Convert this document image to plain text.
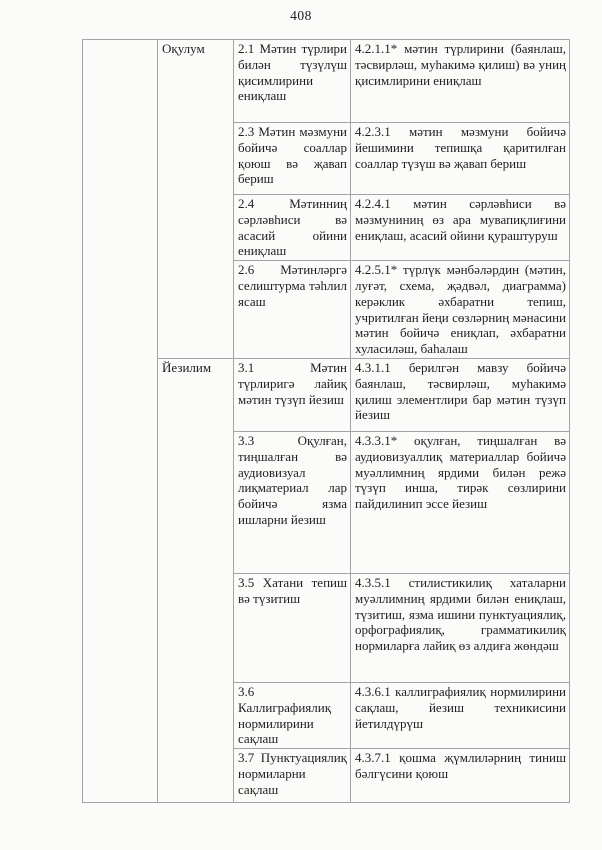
408
	Оқулум	2.1 Мәтин түрлири билән түзүлүш қисимлирини ениқлаш	4.2.1.1* мәтин түрлирини (баянлаш, тәсвирләш, муһакимә қилиш) вә униң қисимлирини ениқлаш
		2.3 Мәтин мәзмуни бойичә соаллар қоюш вә җавап бериш	4.2.3.1 мәтин мәзмуни бойичә йешимини тепишқа қаритилған соаллар түзүш вә җавап бериш
		2.4 Мәтинниң сәрләвһиси вә асасий ойини ениқлаш	4.2.4.1 мәтин сәрләвһиси вә мәзмуниниң өз ара мувапиқлиғини ениқлаш, асасий ойини қураштуруш
		2.6 Мәтинләргә селиштурма тәһлил ясаш	4.2.5.1* түрлүк мәнбәләрдин (мәтин, луғәт, схема, җәдвәл, диаграмма) керәклик әхбаратни тепиш, учритилған йеңи сөзләрниң мәнасини мәтин бойичә ениқлап, әхбаратни хуласиләш, баһалаш
	Йезилим	3.1 Мәтин түрлиригә лайиқ мәтин түзүп йезиш	4.3.1.1 берилгән мавзу бойичә баянлаш, тәсвирләш, муһакимә қилиш элементлири бар мәтин түзүп йезиш
		3.3 Оқулған, тиңшалған вә аудиовизуал лиқматериал лар бойичә язма ишларни йезиш	4.3.3.1* оқулған, тиңшалған вә аудиовизуаллиқ материаллар бойичә муәллимниң ярдими билән режә түзүп инша, тирәк сөзлирини пайдилинип эссе йезиш
		3.5 Хатани тепиш вә түзитиш	4.3.5.1 стилистикилиқ хаталарни муәллимниң ярдими билән ениқлаш, түзитиш, язма ишини пунктуациялиқ, орфографиялиқ, грамматикилиқ нормиларға лайиқ өз алдиға жөндәш
		3.6 Каллиграфиялиқ нормилирини сақлаш	4.3.6.1 каллиграфиялиқ нормилирини сақлаш, йезиш техникисини йетилдүрүш
		3.7 Пунктуациялиқ нормиларни сақлаш	4.3.7.1 қошма җүмлиләрниң тиниш бәлгүсини қоюш
